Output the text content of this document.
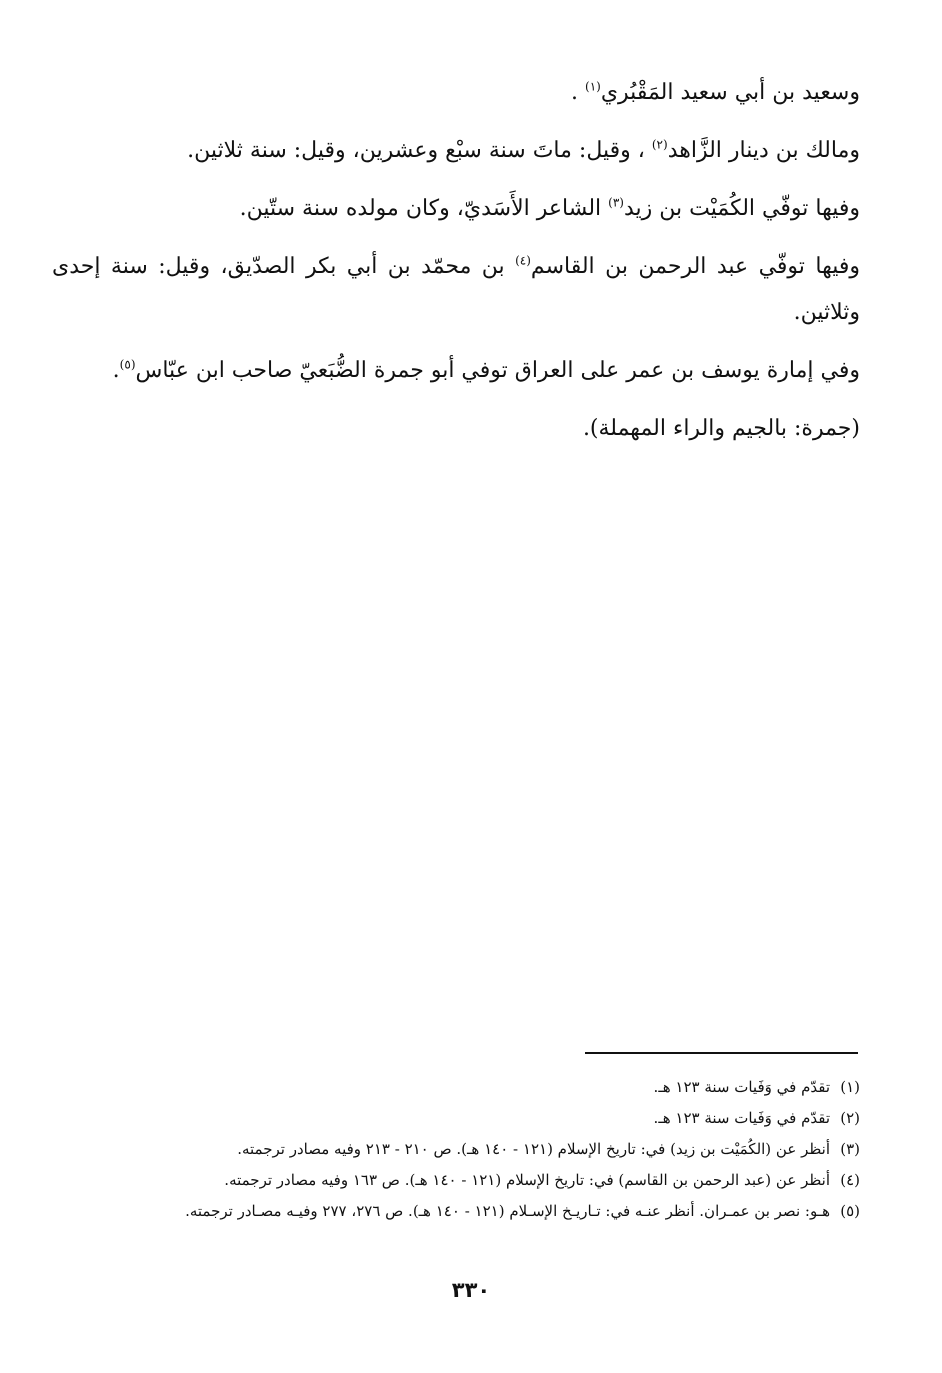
وسعيد بن أبي سعيد المَقْبُري$^{(١)}$ .

ومالك بن دينار الزَّاهد$^{(٢)}$ ، وقيل: ماتَ سنة سبْع وعشرين، وقيل: سنة ثلاثين.

وفيها توفّي الكُمَيْت بن زيد$^{(٣)}$ الشاعر الأَسَديّ، وكان مولده سنة ستّين.

وفيها توفّي عبد الرحمن بن القاسم$^{(٤)}$ بن محمّد بن أبي بكر الصدّيق، وقيل: سنة إحدى وثلاثين.

وفي إمارة يوسف بن عمر على العراق توفي أبو جمرة الضُّبَعيّ صاحب ابن عبّاس$^{(٥)}$.

(جمرة: بالجيم والراء المهملة).
(١)
تقدّم في وَفَيات سنة ١٢٣ هـ.
(٢)
تقدّم في وَفَيات سنة ١٢٣ هـ.
(٣)
أنظر عن (الكُمَيْت بن زيد) في: تاريخ الإسلام (١٢١ - ١٤٠ هـ). ص ٢١٠ - ٢١٣ وفيه مصادر ترجمته.
(٤)
أنظر عن (عبد الرحمن بن القاسم) في: تاريخ الإسلام (١٢١ - ١٤٠ هـ). ص ١٦٣ وفيه مصادر ترجمته.
(٥)
هـو: نصر بن عمـران. أنظر عنـه في: تـاريـخ الإسـلام (١٢١ - ١٤٠ هـ). ص ٢٧٦، ٢٧٧ وفيـه مصـادر ترجمته.
٣٣٠
